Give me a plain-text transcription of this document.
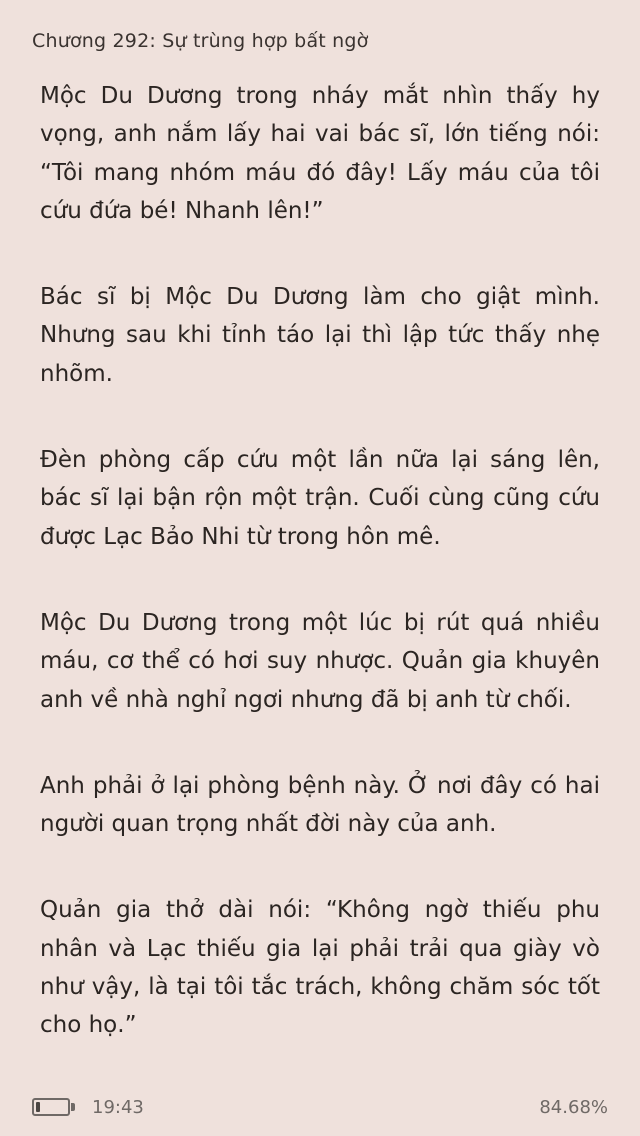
Chương 292: Sự trùng hợp bất ngờ

Mộc Du Dương trong nháy mắt nhìn thấy hy vọng, anh nắm lấy hai vai bác sĩ, lớn tiếng nói: “Tôi mang nhóm máu đó đây! Lấy máu của tôi cứu đứa bé! Nhanh lên!”

Bác sĩ bị Mộc Du Dương làm cho giật mình. Nhưng sau khi tỉnh táo lại thì lập tức thấy nhẹ nhõm.

Đèn phòng cấp cứu một lần nữa lại sáng lên, bác sĩ lại bận rộn một trận. Cuối cùng cũng cứu được Lạc Bảo Nhi từ trong hôn mê.

Mộc Du Dương trong một lúc bị rút quá nhiều máu, cơ thể có hơi suy nhược. Quản gia khuyên anh về nhà nghỉ ngơi nhưng đã bị anh từ chối.

Anh phải ở lại phòng bệnh này. Ở nơi đây có hai người quan trọng nhất đời này của anh.

Quản gia thở dài nói: “Không ngờ thiếu phu nhân và Lạc thiếu gia lại phải trải qua giày vò như vậy, là tại tôi tắc trách, không chăm sóc tốt cho họ.”

19:43	84.68%
